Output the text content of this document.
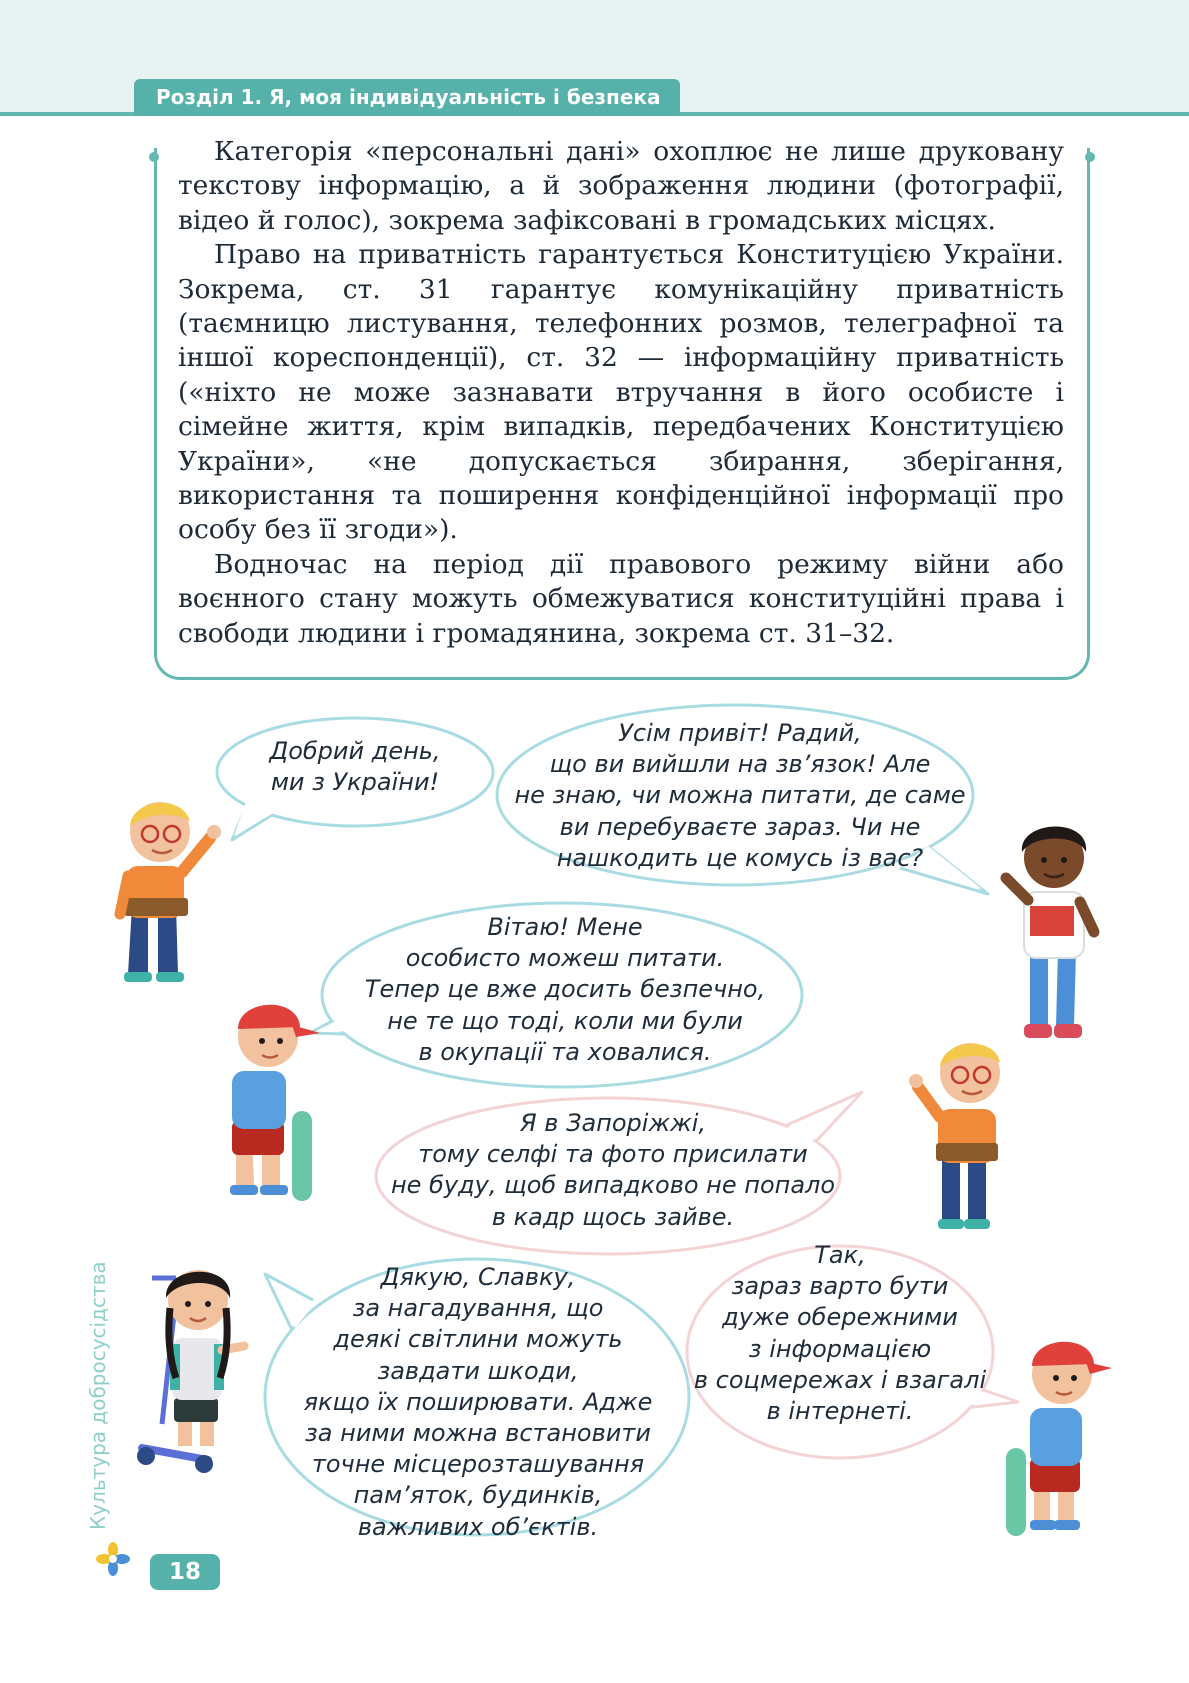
Розділ 1. Я, моя індивідуальність і безпека

Категорія «персональні дані» охоплює не лише друковану текстову інформацію, а й зображення людини (фотографії, відео й голос), зокрема зафіксовані в громадських місцях.

Право на приватність гарантується Конституцією України. Зокрема, ст. 31 гарантує комунікаційну приватність (таємницю листування, телефонних розмов, телеграфної та іншої кореспонденції), ст. 32 — інформаційну приватність («ніхто не може зазнавати втручання в його особисте і сімейне життя, крім випадків, передбачених Конституцією України», «не допускається збирання, зберігання, використання та поширення конфіденційної інформації про особу без її згоди»).

Водночас на період дії правового режиму війни або воєнного стану можуть обмежуватися конституційні права і свободи людини і громадянина, зокрема ст. 31–32.

Добрий день,
ми з України!
Усім привіт! Радий,
що ви вийшли на зв’язок! Але
не знаю, чи можна питати, де саме
ви перебуваєте зараз. Чи не
нашкодить це комусь із вас?
Вітаю! Мене
особисто можеш питати.
Тепер це вже досить безпечно,
не те що тоді, коли ми були
в окупації та ховалися.
Я в Запоріжжі,
тому селфі та фото присилати
не буду, щоб випадково не попало
в кадр щось зайве.
Дякую, Славку,
за нагадування, що
деякі світлини можуть
завдати шкоди,
якщо їх поширювати. Адже
за ними можна встановити
точне місцерозташування
пам’яток, будинків,
важливих об’єктів.
Так,
зараз варто бути
дуже обережними
з інформацією
в соцмережах і взагалі
в інтернеті.
Культура добросусідства
18
